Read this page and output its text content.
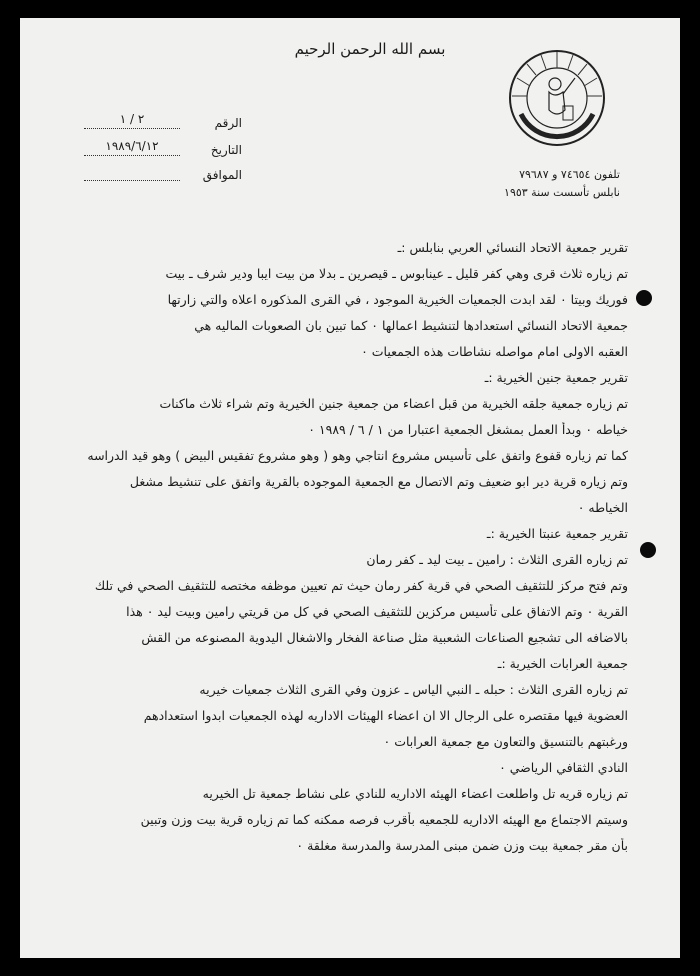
بسم الله الرحمن الرحيم
الرقم
٢ / ١
التاريخ
١٩٨٩/٦/١٢
الموافق	تلفون ٧٤٦٥٤ و ٧٩٦٨٧
نابلس تأسست سنة ١٩٥٣
تقرير جمعية الاتحاد النسائي العربي بنابلس :ـ
تم زياره ثلاث قرى وهي كفر قليل ـ عينابوس ـ قيصرين ـ بدلا من بيت ايبا ودير شرف ـ بيت
فوريك وبيتا ٠ لقد ابدت الجمعيات الخيرية الموجود ، في القرى المذكوره اعلاه والتي زارتها
جمعية الاتحاد النسائي استعدادها لتنشيط اعمالها ٠ كما تبين بان الصعوبات الماليه هي
العقبه الاولى امام مواصله نشاطات هذه الجمعيات ٠
تقرير جمعية جنين الخيرية :ـ
تم زياره جمعية جلقه الخيرية من قبل اعضاء من جمعية جنين الخيرية وتم شراء ثلاث ماكنات
خياطه ٠ وبدأ العمل بمشغل الجمعية اعتبارا من ١ / ٦ / ١٩٨٩ ٠
كما تم زياره قفوع واتفق على تأسيس مشروع انتاجي وهو ( وهو مشروع تفقيس البيض ) وهو قيد الدراسه
وتم زياره قرية دير ابو ضعيف وتم الاتصال مع الجمعية الموجوده بالقرية واتفق على تنشيط مشغل
الخياطه ٠
تقرير جمعية عنبتا الخيرية :ـ
تم زياره القرى الثلاث : رامين ـ بيت ليد ـ كفر رمان
وتم فتح مركز للتثقيف الصحي في قرية كفر رمان حيث تم تعيين موظفه مختصه للتثقيف الصحي في تلك
القرية ٠ وتم الاتفاق على تأسيس مركزين للتثقيف الصحي في كل من قريتي رامين وبيت ليد ٠ هذا
بالاضافه الى تشجيع الصناعات الشعبية مثل صناعة الفخار والاشغال اليدوية المصنوعه من القش
جمعية العرابات الخيرية :ـ
تم زياره القرى الثلاث : حبله ـ النبي الياس ـ عزون وفي القرى الثلاث جمعيات خيريه
العضوية فيها مقتصره على الرجال الا ان اعضاء الهيئات الاداريه لهذه الجمعيات ابدوا استعدادهم
ورغبتهم بالتنسيق والتعاون مع جمعية العرابات ٠
النادي الثقافي الرياضي ٠
تم زياره قريه تل واطلعت اعضاء الهيئه الاداريه للنادي على نشاط جمعية تل الخيريه
وسيتم الاجتماع مع الهيئه الاداريه للجمعيه بأقرب فرصه ممكنه كما تم زياره قرية بيت وزن وتبين
بأن مقر جمعية بيت وزن ضمن مبنى المدرسة والمدرسة مغلقة ٠
